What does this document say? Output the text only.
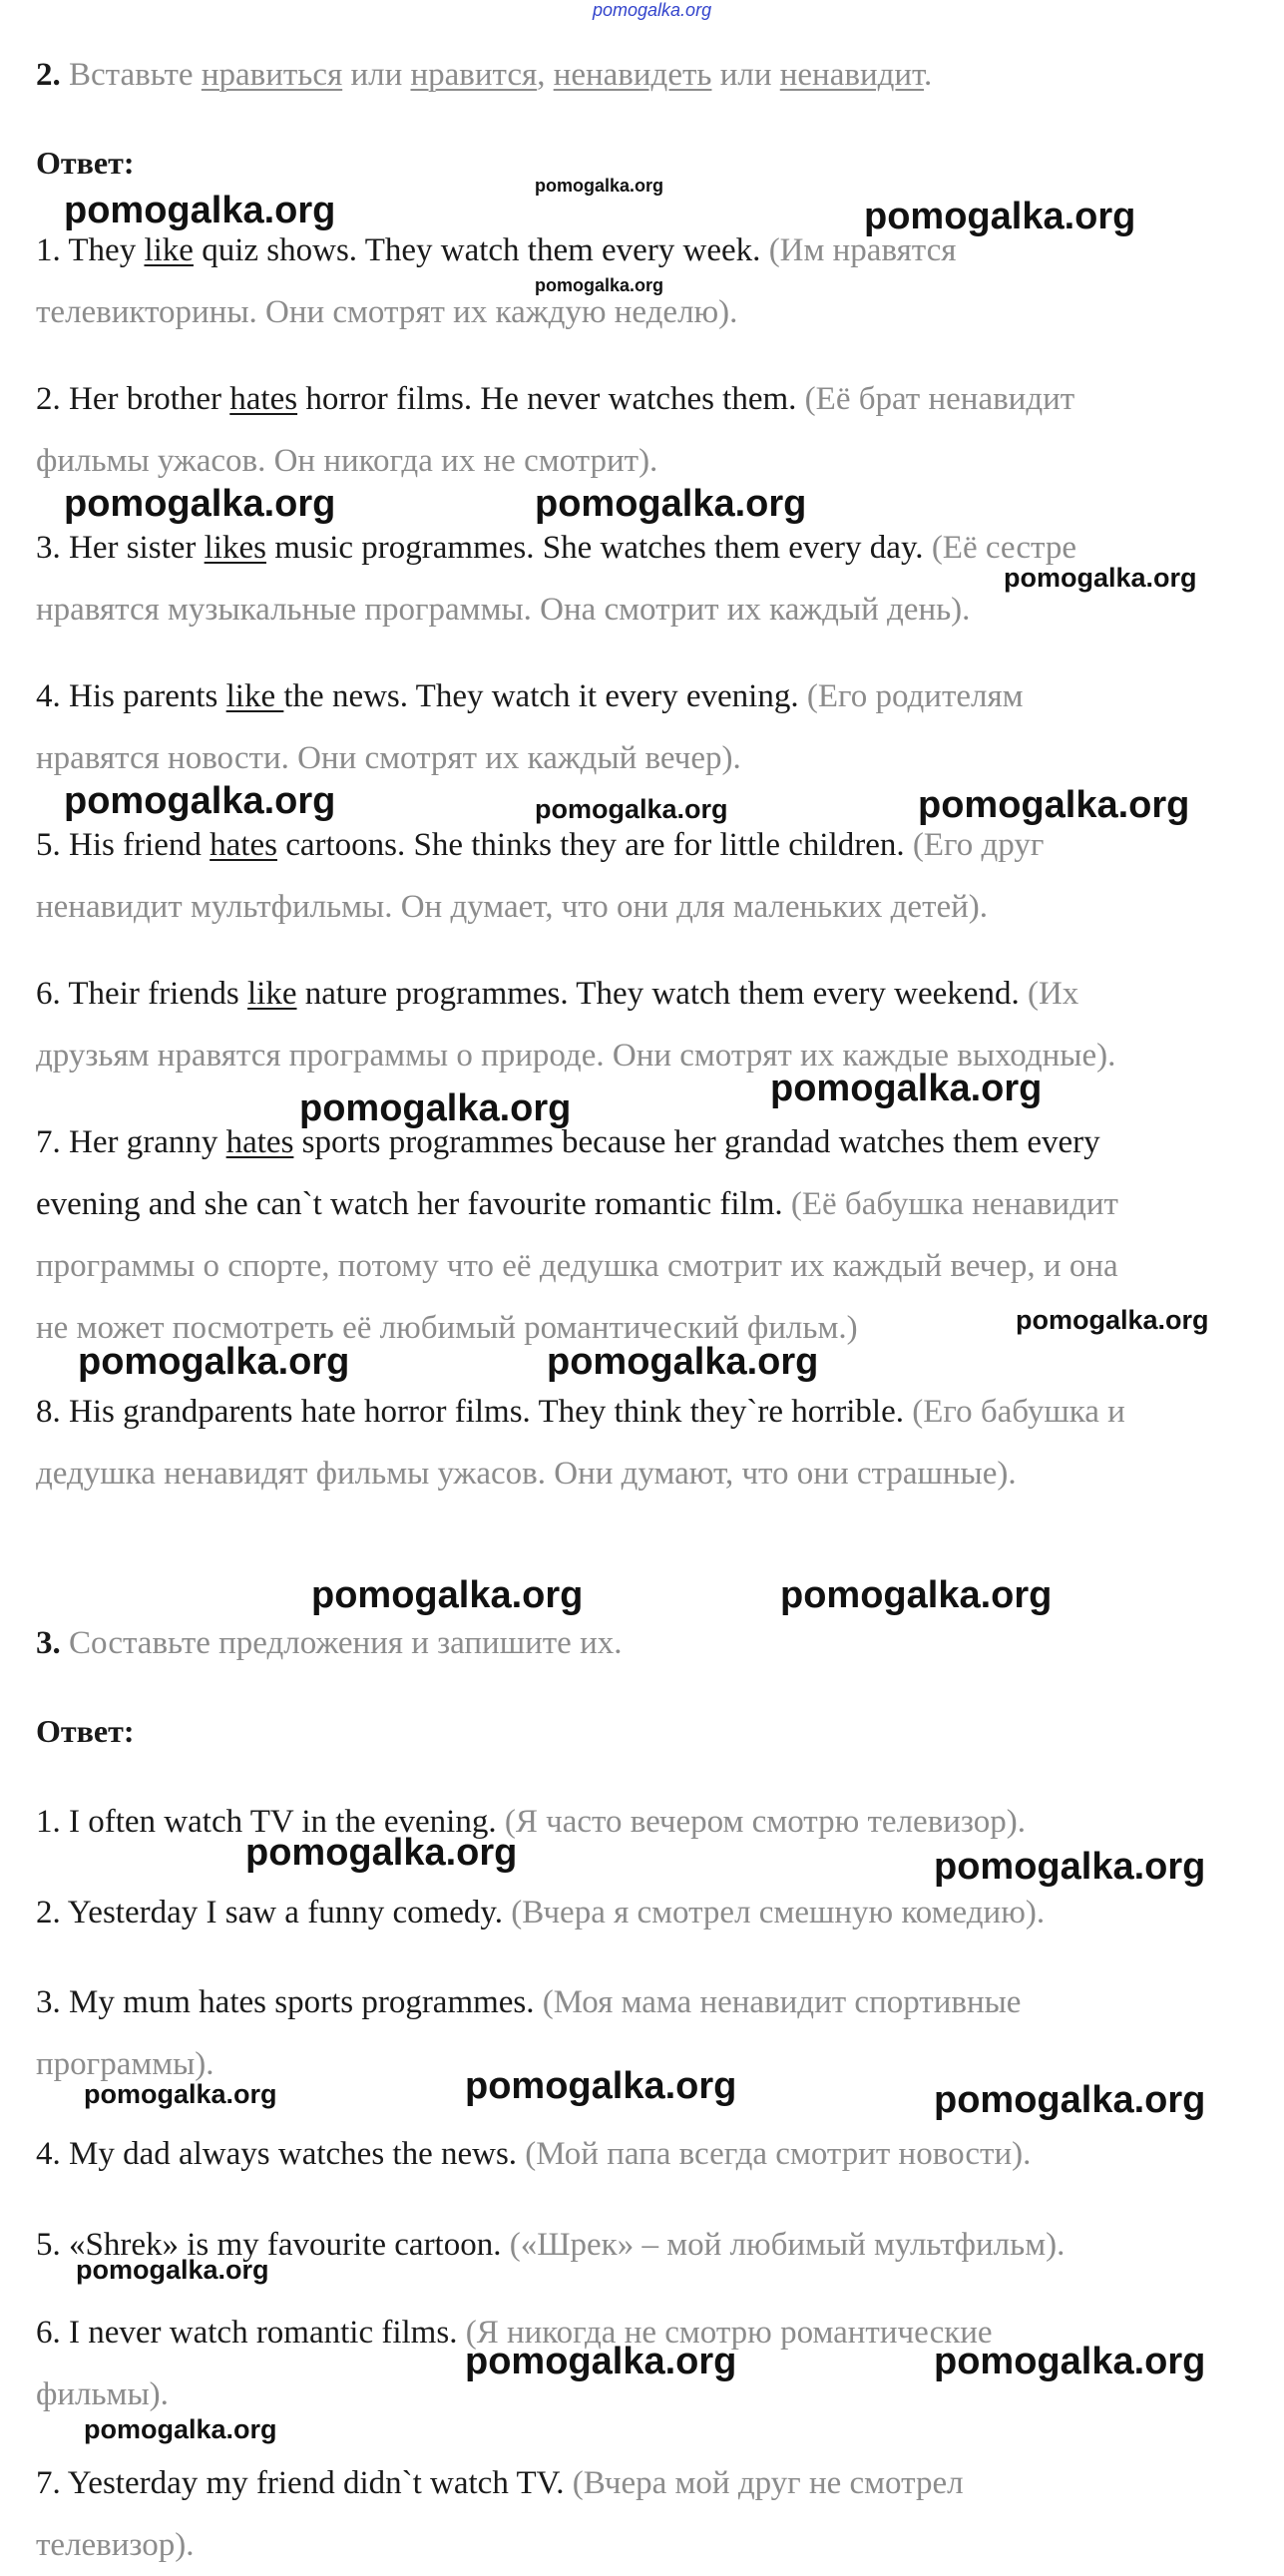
pomogalka.org
2. Вставьте нравиться или нравится, ненавидеть или ненавидит.
Ответ:
1. They like quiz shows. They watch them every week. (Им нравятся
телевикторины. Они смотрят их каждую неделю).
2. Her brother hates horror films. He never watches them. (Её брат ненавидит
фильмы ужасов. Он никогда их не смотрит).
3. Her sister likes music programmes. She watches them every day. (Её сестре
нравятся музыкальные программы. Она смотрит их каждый день).
4. His parents like the news. They watch it every evening. (Его родителям
нравятся новости. Они смотрят их каждый вечер).
5. His friend hates cartoons. She thinks they are for little children. (Его друг
ненавидит мультфильмы. Он думает, что они для маленьких детей).
6. Their friends like nature programmes. They watch them every weekend. (Их
друзьям нравятся программы о природе. Они смотрят их каждые выходные).
7. Her granny hates sports programmes because her grandad watches them every
evening and she can`t watch her favourite romantic film. (Её бабушка ненавидит
программы о спорте, потому что её дедушка смотрит их каждый вечер, и она
не может посмотреть её любимый романтический фильм.)
8. His grandparents hate horror films. They think they`re horrible. (Его бабушка и
дедушка ненавидят фильмы ужасов. Они думают, что они страшные).
3. Составьте предложения и запишите их.
Ответ:
1. I often watch TV in the evening. (Я часто вечером смотрю телевизор).
2. Yesterday I saw a funny comedy. (Вчера я смотрел смешную комедию).
3. My mum hates sports programmes. (Моя мама ненавидит спортивные
программы).
4. My dad always watches the news. (Мой папа всегда смотрит новости).
5. «Shrek» is my favourite cartoon. («Шрек» – мой любимый мультфильм).
6. I never watch romantic films. (Я никогда не смотрю романтические
фильмы).
7. Yesterday my friend didn`t watch TV. (Вчера мой друг не смотрел
телевизор).
pomogalka.org
pomogalka.org
pomogalka.org
pomogalka.org
pomogalka.org	pomogalka.org
pomogalka.org
pomogalka.org	pomogalka.org	pomogalka.org
pomogalka.org	pomogalka.org
pomogalka.org
pomogalka.org	pomogalka.org
pomogalka.org	pomogalka.org
pomogalka.org	pomogalka.org
pomogalka.org	pomogalka.org	pomogalka.org
pomogalka.org
pomogalka.org	pomogalka.org
pomogalka.org
